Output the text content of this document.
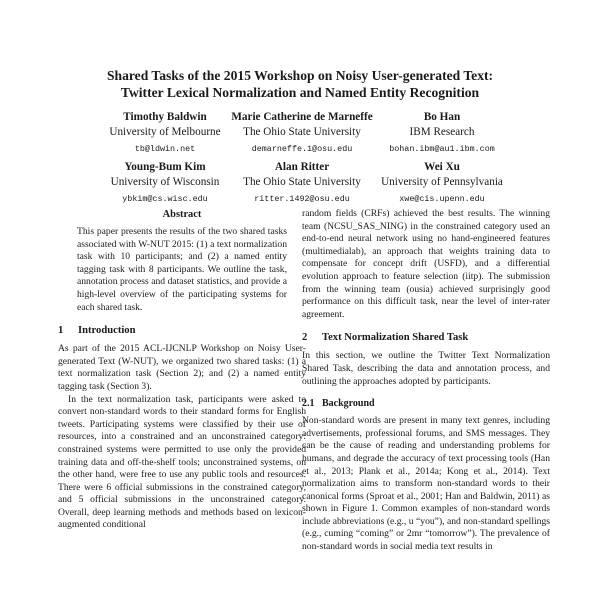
Shared Tasks of the 2015 Workshop on Noisy User-generated Text:
Twitter Lexical Normalization and Named Entity Recognition
Timothy Baldwin
University of Melbourne
tb@ldwin.net
Marie Catherine de Marneffe
The Ohio State University
demarneffe.1@osu.edu
Bo Han
IBM Research
bohan.ibm@au1.ibm.com
Young-Bum Kim
University of Wisconsin
ybkim@cs.wisc.edu
Alan Ritter
The Ohio State University
ritter.1492@osu.edu
Wei Xu
University of Pennsylvania
xwe@cis.upenn.edu
Abstract

This paper presents the results of the two shared tasks associated with W-NUT 2015: (1) a text normalization task with 10 participants; and (2) a named entity tagging task with 8 participants. We outline the task, annotation process and dataset statistics, and provide a high-level overview of the participating systems for each shared task.

1 Introduction

As part of the 2015 ACL-IJCNLP Workshop on Noisy User-generated Text (W-NUT), we organized two shared tasks: (1) a text normalization task (Section 2); and (2) a named entity tagging task (Section 3).

In the text normalization task, participants were asked to convert non-standard words to their standard forms for English tweets. Participating systems were classified by their use of resources, into a constrained and an unconstrained category: constrained systems were permitted to use only the provided training data and off-the-shelf tools; unconstrained systems, on the other hand, were free to use any public tools and resources. There were 6 official submissions in the constrained category, and 5 official submissions in the unconstrained category. Overall, deep learning methods and methods based on lexicon-augmented conditional

random fields (CRFs) achieved the best results. The winning team (NCSU_SAS_NING) in the constrained category used an end-to-end neural network using no hand-engineered features (multimedialab), an approach that weights training data to compensate for concept drift (USFD), and a differential evolution approach to feature selection (iitp). The submission from the winning team (ousia) achieved surprisingly good performance on this difficult task, near the level of inter-rater agreement.

2 Text Normalization Shared Task

In this section, we outline the Twitter Text Normalization Shared Task, describing the data and annotation process, and outlining the approaches adopted by participants.

2.1 Background

Non-standard words are present in many text genres, including advertisements, professional forums, and SMS messages. They can be the cause of reading and understanding problems for humans, and degrade the accuracy of text processing tools (Han et al., 2013; Plank et al., 2014a; Kong et al., 2014). Text normalization aims to transform non-standard words to their canonical forms (Sproat et al., 2001; Han and Baldwin, 2011) as shown in Figure 1. Common examples of non-standard words include abbreviations (e.g., u “you”), and non-standard spellings (e.g., cuming “coming” or 2mr “tomorrow”). The prevalence of non-standard words in social media text results in
